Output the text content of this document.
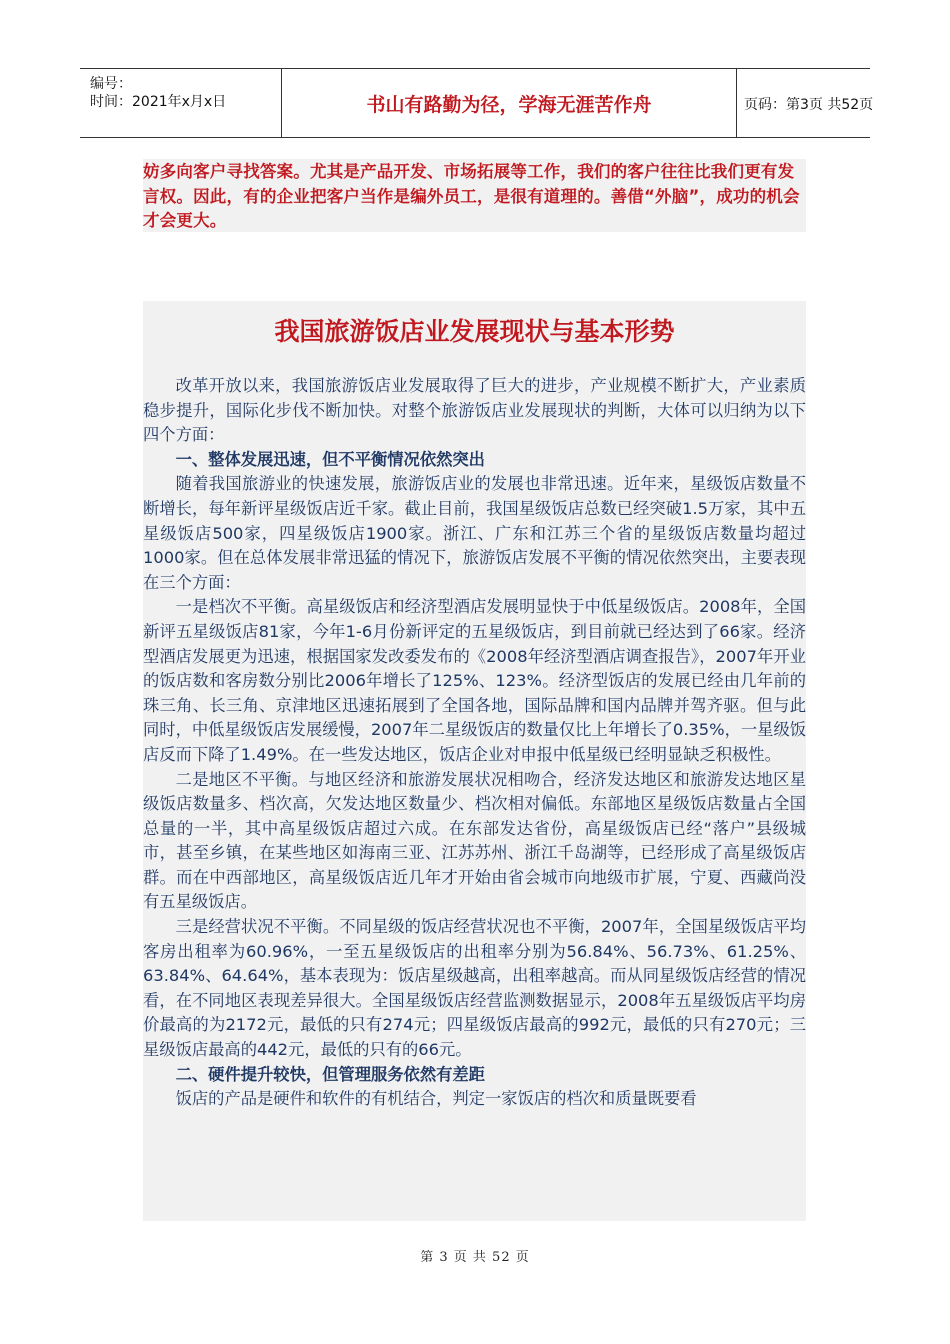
编号：
时间：2021年x月x日	书山有路勤为径，学海无涯苦作舟	页码：第3页 共52页

妨多向客户寻找答案。尤其是产品开发、市场拓展等工作，我们的客户往往比我们更有发言权。因此，有的企业把客户当作是编外员工，是很有道理的。善借“外脑”，成功的机会才会更大。

我国旅游饭店业发展现状与基本形势

改革开放以来，我国旅游饭店业发展取得了巨大的进步，产业规模不断扩大，产业素质稳步提升，国际化步伐不断加快。对整个旅游饭店业发展现状的判断，大体可以归纳为以下四个方面：

一、整体发展迅速，但不平衡情况依然突出

随着我国旅游业的快速发展，旅游饭店业的发展也非常迅速。近年来，星级饭店数量不断增长，每年新评星级饭店近千家。截止目前，我国星级饭店总数已经突破1.5万家，其中五星级饭店500家，四星级饭店1900家。浙江、广东和江苏三个省的星级饭店数量均超过1000家。但在总体发展非常迅猛的情况下，旅游饭店发展不平衡的情况依然突出，主要表现在三个方面：

一是档次不平衡。高星级饭店和经济型酒店发展明显快于中低星级饭店。2008年，全国新评五星级饭店81家，今年1-6月份新评定的五星级饭店，到目前就已经达到了66家。经济型酒店发展更为迅速，根据国家发改委发布的《2008年经济型酒店调查报告》，2007年开业的饭店数和客房数分别比2006年增长了125%、123%。经济型饭店的发展已经由几年前的珠三角、长三角、京津地区迅速拓展到了全国各地，国际品牌和国内品牌并驾齐驱。但与此同时，中低星级饭店发展缓慢，2007年二星级饭店的数量仅比上年增长了0.35%，一星级饭店反而下降了1.49%。在一些发达地区，饭店企业对申报中低星级已经明显缺乏积极性。

二是地区不平衡。与地区经济和旅游发展状况相吻合，经济发达地区和旅游发达地区星级饭店数量多、档次高，欠发达地区数量少、档次相对偏低。东部地区星级饭店数量占全国总量的一半，其中高星级饭店超过六成。在东部发达省份，高星级饭店已经“落户”县级城市，甚至乡镇，在某些地区如海南三亚、江苏苏州、浙江千岛湖等，已经形成了高星级饭店群。而在中西部地区，高星级饭店近几年才开始由省会城市向地级市扩展，宁夏、西藏尚没有五星级饭店。

三是经营状况不平衡。不同星级的饭店经营状况也不平衡，2007年，全国星级饭店平均客房出租率为60.96%，一至五星级饭店的出租率分别为56.84%、56.73%、61.25%、63.84%、64.64%，基本表现为：饭店星级越高，出租率越高。而从同星级饭店经营的情况看，在不同地区表现差异很大。全国星级饭店经营监测数据显示，2008年五星级饭店平均房价最高的为2172元，最低的只有274元；四星级饭店最高的992元，最低的只有270元；三星级饭店最高的442元，最低的只有的66元。

二、硬件提升较快，但管理服务依然有差距

饭店的产品是硬件和软件的有机结合，判定一家饭店的档次和质量既要看

第 3 页 共 52 页
